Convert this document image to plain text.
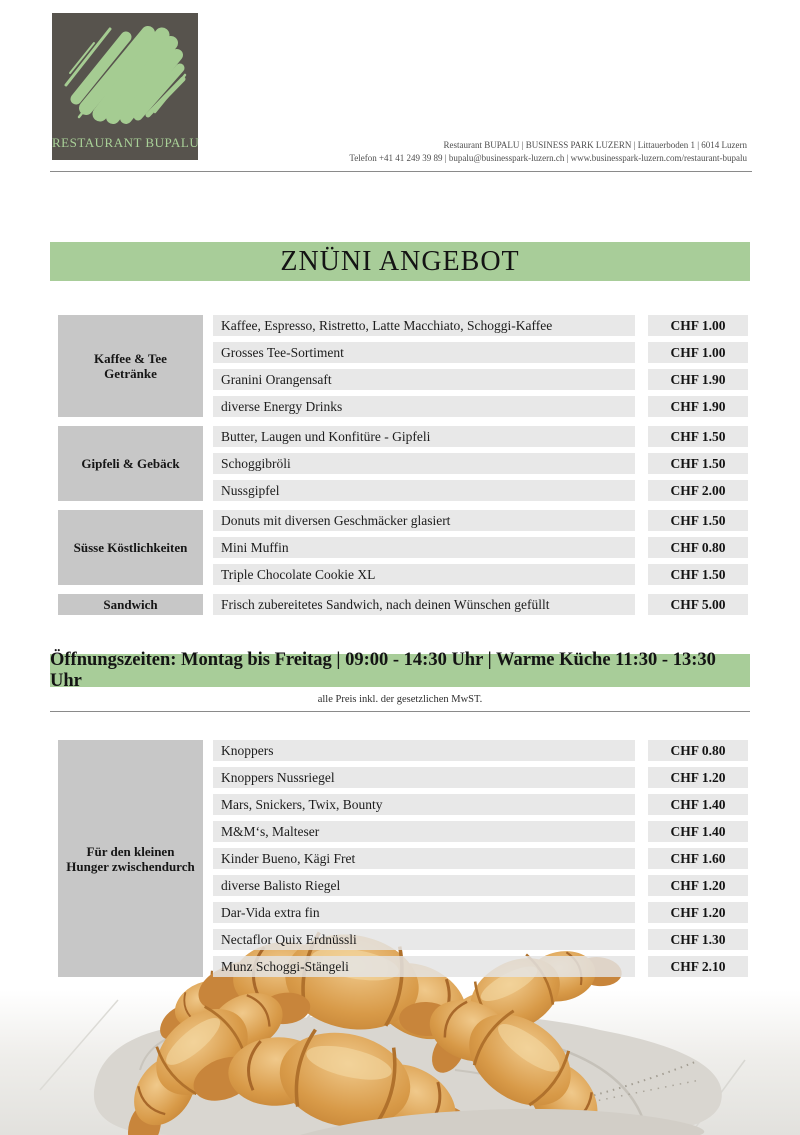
RESTAURANT BUPALU	Restaurant BUPALU | BUSINESS PARK LUZERN | Littauerboden 1 | 6014 Luzern
Telefon +41 41 249 39 89 | bupalu@businesspark-luzern.ch | www.businesspark-luzern.com/restaurant-bupalu
ZNÜNI ANGEBOT
Kaffee & Tee
Getränke
Kaffee, Espresso, Ristretto, Latte Macchiato, Schoggi-Kaffee	CHF 1.00
Grosses Tee-Sortiment	CHF 1.00
Granini Orangensaft	CHF 1.90
diverse Energy Drinks	CHF 1.90
Gipfeli & Gebäck
Butter, Laugen und Konfitüre - Gipfeli	CHF 1.50
Schoggibröli	CHF 1.50
Nussgipfel	CHF 2.00
Süsse Köstlichkeiten
Donuts mit diversen Geschmäcker glasiert	CHF 1.50
Mini Muffin	CHF 0.80
Triple Chocolate Cookie XL	CHF 1.50
Sandwich	Frisch zubereitetes Sandwich, nach deinen Wünschen gefüllt	CHF 5.00
Öffnungszeiten: Montag bis Freitag | 09:00 - 14:30 Uhr | Warme Küche 11:30 - 13:30 Uhr
alle Preis inkl. der gesetzlichen MwST.
Für den kleinen
Hunger zwischendurch
Knoppers	CHF 0.80
Knoppers Nussriegel	CHF 1.20
Mars, Snickers, Twix, Bounty	CHF 1.40
M&M‘s, Malteser	CHF 1.40
Kinder Bueno, Kägi Fret	CHF 1.60
diverse Balisto Riegel	CHF 1.20
Dar-Vida extra fin	CHF 1.20
Nectaflor Quix Erdnüssli	CHF 1.30
Munz Schoggi-Stängeli	CHF 2.10
